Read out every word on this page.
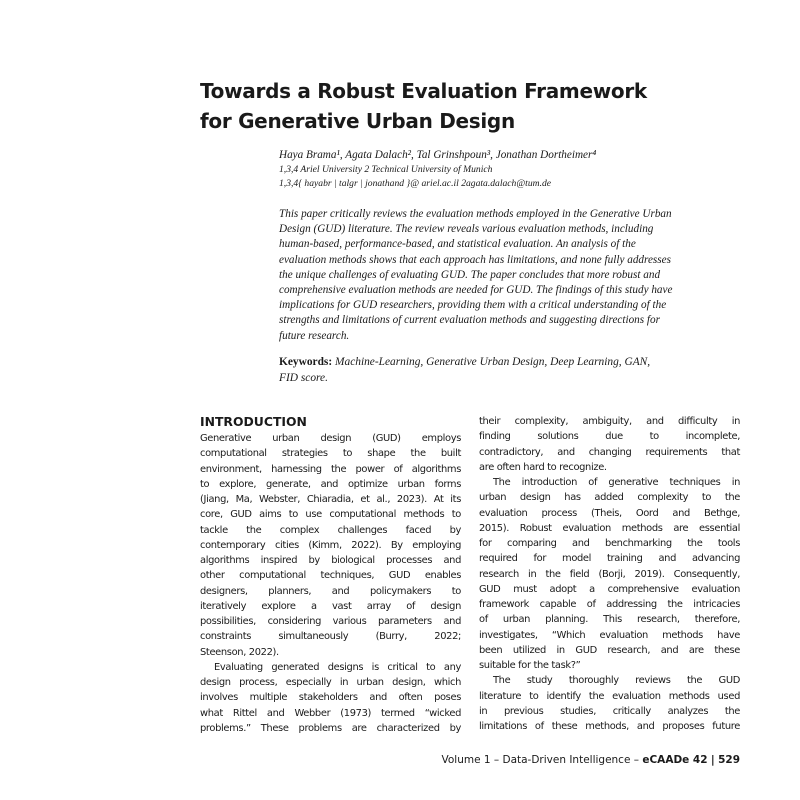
Towards a Robust Evaluation Framework
for Generative Urban Design
Haya Brama¹, Agata Dalach², Tal Grinshpoun³, Jonathan Dortheimer⁴
1,3,4 Ariel University 2 Technical University of Munich
1,3,4{ hayabr | talgr | jonathand }@ ariel.ac.il 2agata.dalach@tum.de
This paper critically reviews the evaluation methods employed in the Generative Urban
Design (GUD) literature. The review reveals various evaluation methods, including
human-based, performance-based, and statistical evaluation. An analysis of the
evaluation methods shows that each approach has limitations, and none fully addresses
the unique challenges of evaluating GUD. The paper concludes that more robust and
comprehensive evaluation methods are needed for GUD. The findings of this study have
implications for GUD researchers, providing them with a critical understanding of the
strengths and limitations of current evaluation methods and suggesting directions for
future research.
Keywords: Machine-Learning, Generative Urban Design, Deep Learning, GAN,
FID score.
INTRODUCTION
Generative urban design (GUD) employs
computational strategies to shape the built
environment, harnessing the power of algorithms
to explore, generate, and optimize urban forms
(Jiang, Ma, Webster, Chiaradia, et al., 2023). At its
core, GUD aims to use computational methods to
tackle the complex challenges faced by
contemporary cities (Kimm, 2022). By employing
algorithms inspired by biological processes and
other computational techniques, GUD enables
designers, planners, and policymakers to
iteratively explore a vast array of design
possibilities, considering various parameters and
constraints simultaneously (Burry, 2022;
Steenson, 2022).
Evaluating generated designs is critical to any
design process, especially in urban design, which
involves multiple stakeholders and often poses
what Rittel and Webber (1973) termed “wicked
problems.” These problems are characterized by
their complexity, ambiguity, and difficulty in
finding solutions due to incomplete,
contradictory, and changing requirements that
are often hard to recognize.
The introduction of generative techniques in
urban design has added complexity to the
evaluation process (Theis, Oord and Bethge,
2015). Robust evaluation methods are essential
for comparing and benchmarking the tools
required for model training and advancing
research in the field (Borji, 2019). Consequently,
GUD must adopt a comprehensive evaluation
framework capable of addressing the intricacies
of urban planning. This research, therefore,
investigates, “Which evaluation methods have
been utilized in GUD research, and are these
suitable for the task?”
The study thoroughly reviews the GUD
literature to identify the evaluation methods used
in previous studies, critically analyzes the
limitations of these methods, and proposes future
Volume 1 – Data-Driven Intelligence – eCAADe 42 | 529
